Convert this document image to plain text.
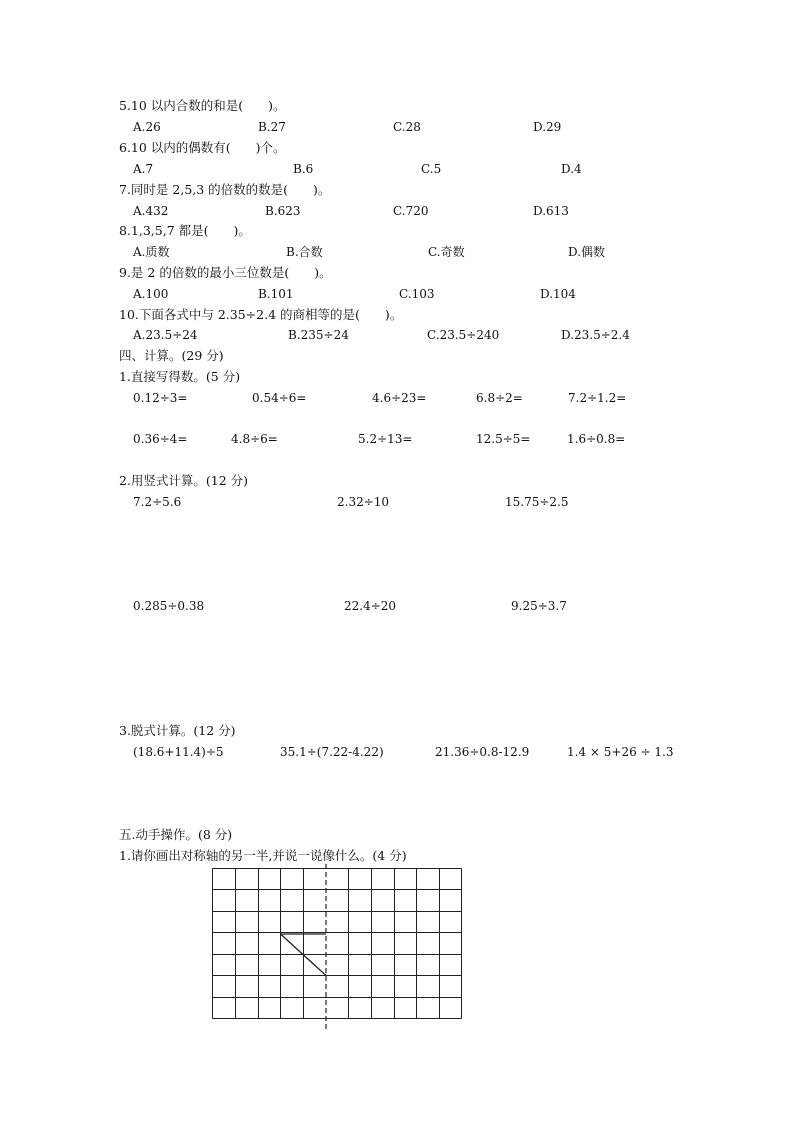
5.10 以内合数的和是(　　)。
A.26	B.27	C.28	D.29
6.10 以内的偶数有(　　)个。
A.7	B.6	C.5	D.4
7.同时是 2,5,3 的倍数的数是(　　)。
A.432	B.623	C.720	D.613
8.1,3,5,7 都是(　　)。
A.质数	B.合数	C.奇数	D.偶数
9.是 2 的倍数的最小三位数是(　　)。
A.100	B.101	C.103	D.104
10.下面各式中与 2.35÷2.4 的商相等的是(　　)。
A.23.5÷24	B.235÷24	C.23.5÷240	D.23.5÷2.4
四、计算。(29 分)
1.直接写得数。(5 分)
0.12÷3=	0.54÷6=	4.6÷23=	6.8÷2=	7.2÷1.2=
0.36÷4=	4.8÷6=	5.2÷13=	12.5÷5=	1.6÷0.8=
2.用竖式计算。(12 分)
7.2÷5.6	2.32÷10	15.75÷2.5
0.285÷0.38	22.4÷20	9.25÷3.7
3.脱式计算。(12 分)
(18.6+11.4)÷5	35.1÷(7.22-4.22)	21.36÷0.8-12.9	1.4 × 5+26 ÷ 1.3
五.动手操作。(8 分)
1.请你画出对称轴的另一半,并说一说像什么。(4 分)
